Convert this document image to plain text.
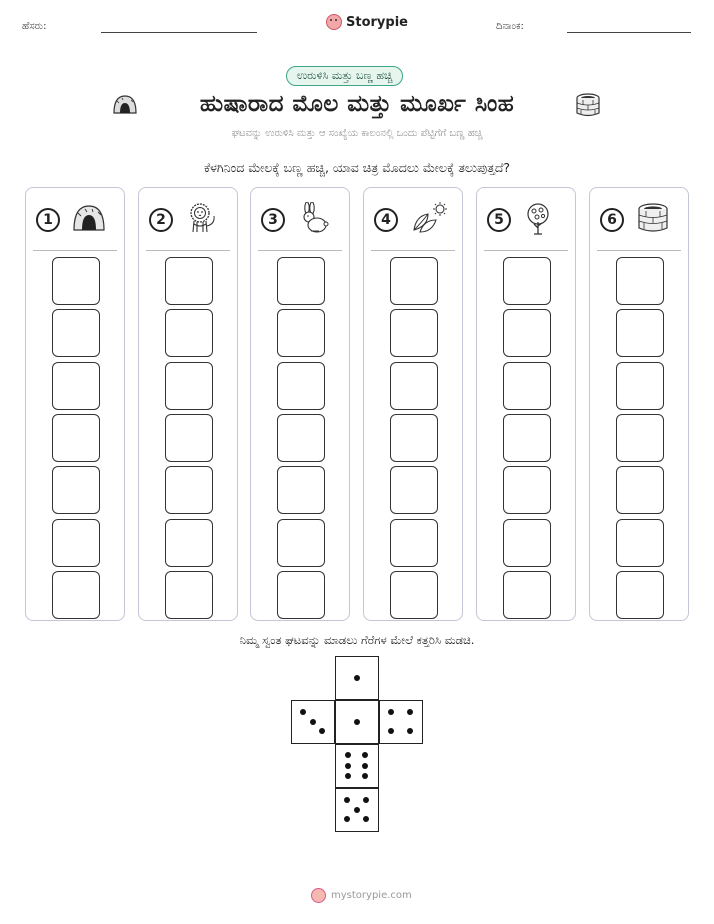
ಹೆಸರು:	Storypie	ದಿನಾಂಕ:
ಉರುಳಿಸಿ ಮತ್ತು ಬಣ್ಣ ಹಚ್ಚಿ
ಹುಷಾರಾದ ಮೊಲ ಮತ್ತು ಮೂರ್ಖ ಸಿಂಹ
ಘಟವನ್ನು ಉರುಳಿಸಿ ಮತ್ತು ಆ ಸಂಖ್ಯೆಯ ಕಾಲಂನಲ್ಲಿ ಒಂದು ಪೆಟ್ಟಿಗೆಗೆ ಬಣ್ಣ ಹಚ್ಚಿ
ಕೆಳಗಿನಿಂದ ಮೇಲಕ್ಕೆ ಬಣ್ಣ ಹಚ್ಚಿ, ಯಾವ ಚಿತ್ರ ಮೊದಲು ಮೇಲಕ್ಕೆ ತಲುಪುತ್ತದೆ?
1	2	3	4	5	6
ನಿಮ್ಮ ಸ್ವಂತ ಘಟವನ್ನು ಮಾಡಲು ಗೆರೆಗಳ ಮೇಲೆ ಕತ್ತರಿಸಿ ಮಡಚಿ.
mystorypie.com
